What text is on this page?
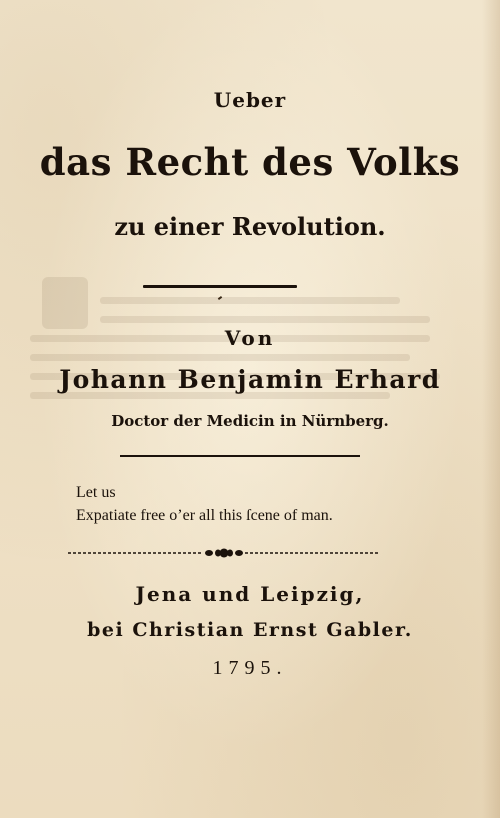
Ueber
das Recht des Volks
zu einer Revolution.
Von
Johann Benjamin Erhard
Doctor der Medicin in Nürnberg.
Let us
Expatiate free o’er all this ſcene of man.
Jena und Leipzig,
bei Christian Ernst Gabler.
1795.
